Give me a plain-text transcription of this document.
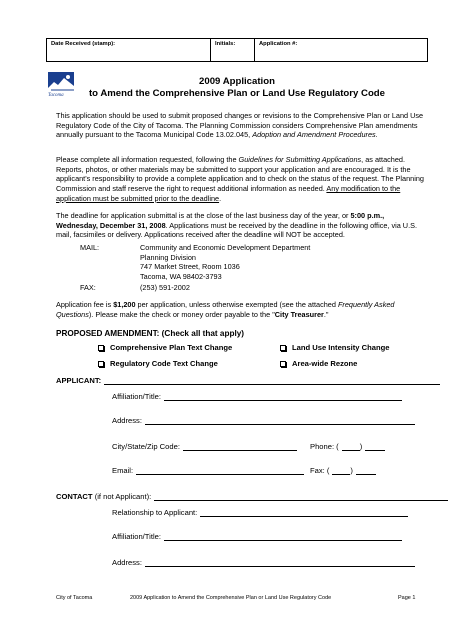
Date Received (stamp):	Initials:	Application #:
Tacoma
2009 Application
to Amend the Comprehensive Plan or Land Use Regulatory Code
This application should be used to submit proposed changes or revisions to the Comprehensive Plan or Land Use Regulatory Code of the City of Tacoma. The Planning Commission considers Comprehensive Plan amendments annually pursuant to the Tacoma Municipal Code 13.02.045, Adoption and Amendment Procedures.
Please complete all information requested, following the Guidelines for Submitting Applications, as attached. Reports, photos, or other materials may be submitted to support your application and are encouraged. It is the applicant's responsibility to provide a complete application and to check on the status of the request. The Planning Commission and staff reserve the right to request additional information as needed. Any modification to the application must be submitted prior to the deadline.
The deadline for application submittal is at the close of the last business day of the year, or 5:00 p.m., Wednesday, December 31, 2008. Applications must be received by the deadline in the following office, via U.S. mail, facsimiles or delivery. Applications received after the deadline will NOT be accepted.
MAIL:	Community and Economic Development Department
Planning Division
747 Market Street, Room 1036
Tacoma, WA 98402-3793
FAX:	(253) 591-2002
Application fee is $1,200 per application, unless otherwise exempted (see the attached Frequently Asked Questions). Please make the check or money order payable to the "City Treasurer."
PROPOSED AMENDMENT: (Check all that apply)
Comprehensive Plan Text Change	Land Use Intensity Change
Regulatory Code Text Change	Area-wide Rezone
APPLICANT:
Affiliation/Title:
Address:
City/State/Zip Code:	Phone: (	)
Email:	Fax: (	)
CONTACT (if not Applicant):
Relationship to Applicant:
Affiliation/Title:
Address:
City of Tacoma	2009 Application to Amend the Comprehensive Plan or Land Use Regulatory Code	Page 1
